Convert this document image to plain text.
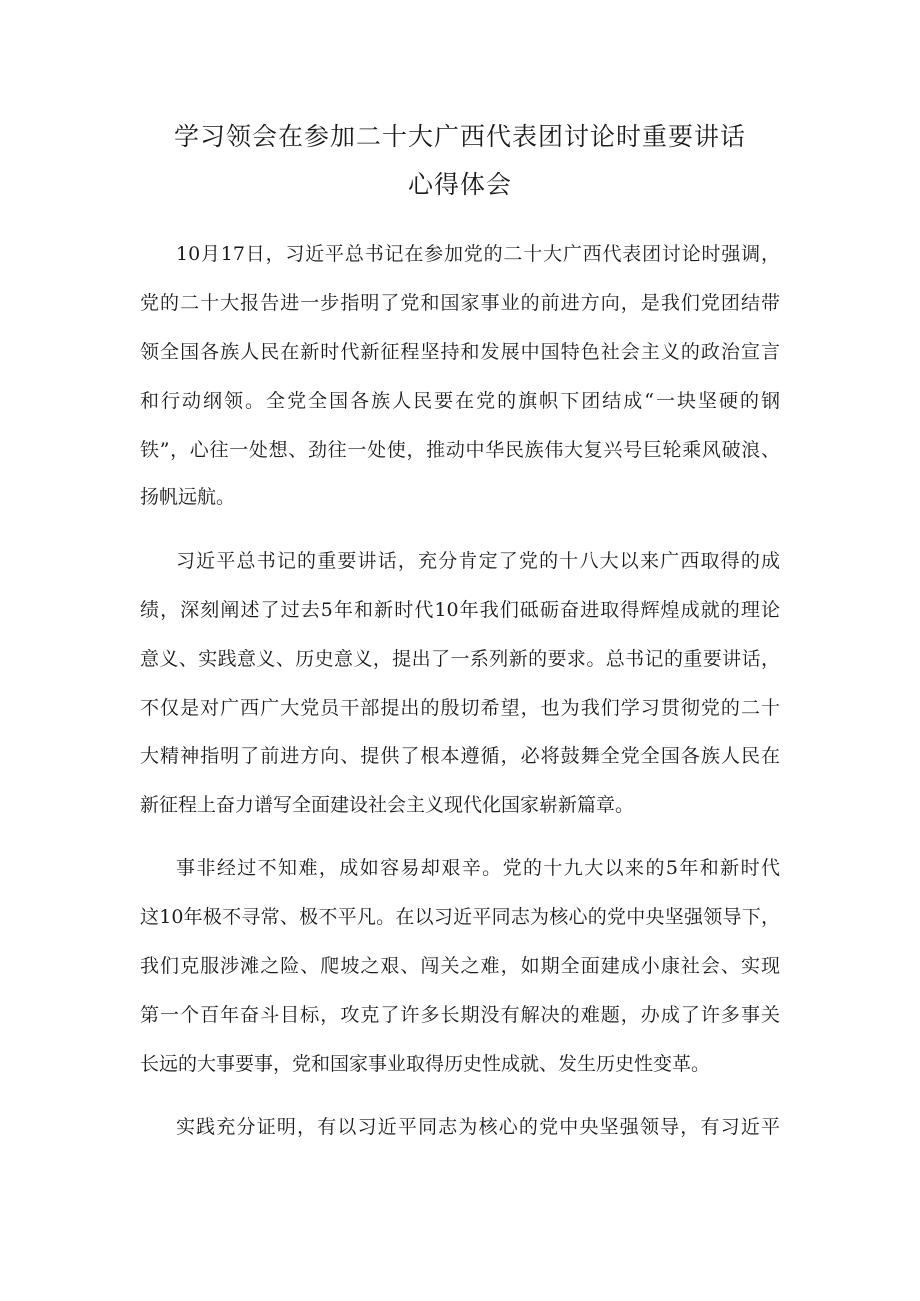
学习领会在参加二十大广西代表团讨论时重要讲话
心得体会
10月17日，习近平总书记在参加党的二十大广西代表团讨论时强调，
党的二十大报告进一步指明了党和国家事业的前进方向，是我们党团结带
领全国各族人民在新时代新征程坚持和发展中国特色社会主义的政治宣言
和行动纲领。全党全国各族人民要在党的旗帜下团结成“一块坚硬的钢
铁”，心往一处想、劲往一处使，推动中华民族伟大复兴号巨轮乘风破浪、
扬帆远航。
习近平总书记的重要讲话，充分肯定了党的十八大以来广西取得的成
绩，深刻阐述了过去5年和新时代10年我们砥砺奋进取得辉煌成就的理论
意义、实践意义、历史意义，提出了一系列新的要求。总书记的重要讲话，
不仅是对广西广大党员干部提出的殷切希望，也为我们学习贯彻党的二十
大精神指明了前进方向、提供了根本遵循，必将鼓舞全党全国各族人民在
新征程上奋力谱写全面建设社会主义现代化国家崭新篇章。
事非经过不知难，成如容易却艰辛。党的十九大以来的5年和新时代
这10年极不寻常、极不平凡。在以习近平同志为核心的党中央坚强领导下，
我们克服涉滩之险、爬坡之艰、闯关之难，如期全面建成小康社会、实现
第一个百年奋斗目标，攻克了许多长期没有解决的难题，办成了许多事关
长远的大事要事，党和国家事业取得历史性成就、发生历史性变革。
实践充分证明，有以习近平同志为核心的党中央坚强领导，有习近平
